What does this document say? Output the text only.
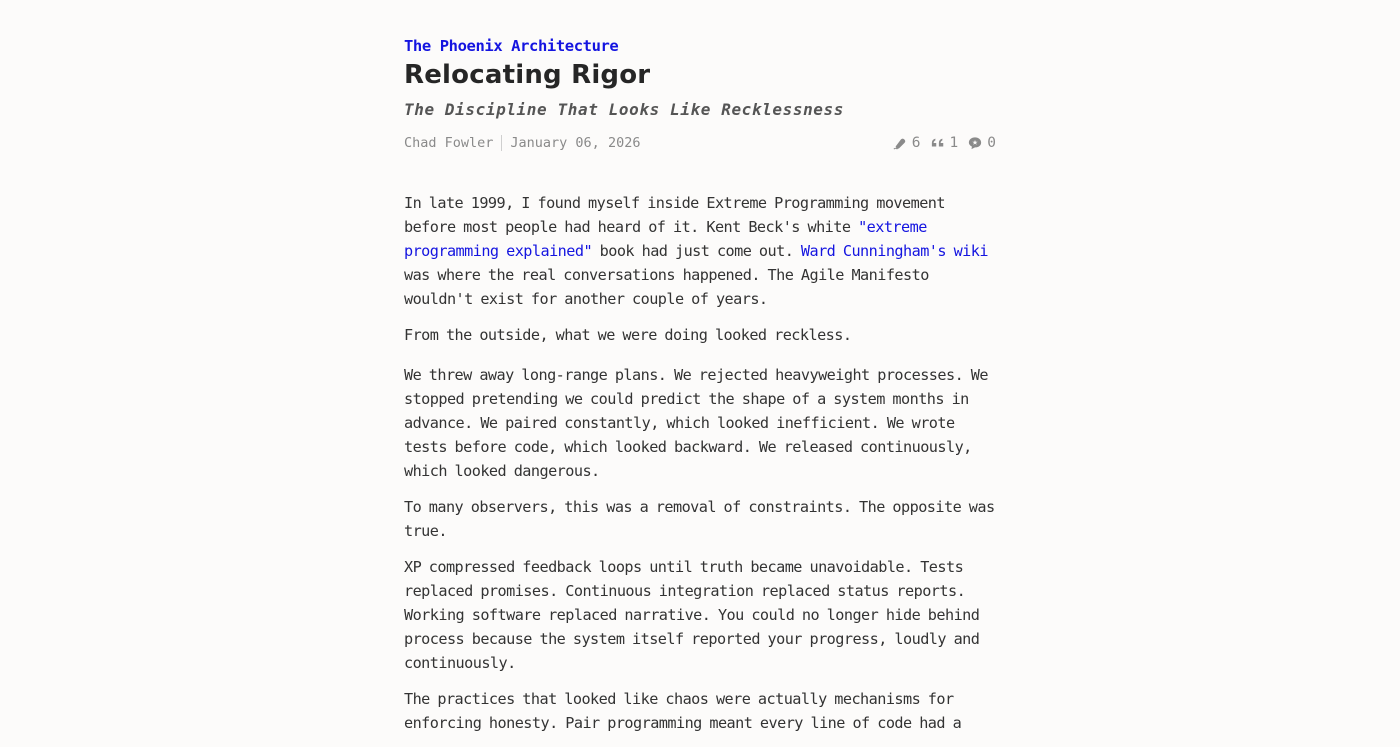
The Phoenix Architecture
Relocating Rigor
The Discipline That Looks Like Recklessness
Chad Fowler January 06, 2026	6 1 0

In late 1999, I found myself inside Extreme Programming movement before most people had heard of it. Kent Beck's white "extreme programming explained" book had just come out. Ward Cunningham's wiki was where the real conversations happened. The Agile Manifesto wouldn't exist for another couple of years.

From the outside, what we were doing looked reckless.

We threw away long-range plans. We rejected heavyweight processes. We stopped pretending we could predict the shape of a system months in advance. We paired constantly, which looked inefficient. We wrote tests before code, which looked backward. We released continuously, which looked dangerous.

To many observers, this was a removal of constraints. The opposite was true.

XP compressed feedback loops until truth became unavoidable. Tests replaced promises. Continuous integration replaced status reports. Working software replaced narrative. You could no longer hide behind process because the system itself reported your progress, loudly and continuously.

The practices that looked like chaos were actually mechanisms for enforcing honesty. Pair programming meant every line of code had a
